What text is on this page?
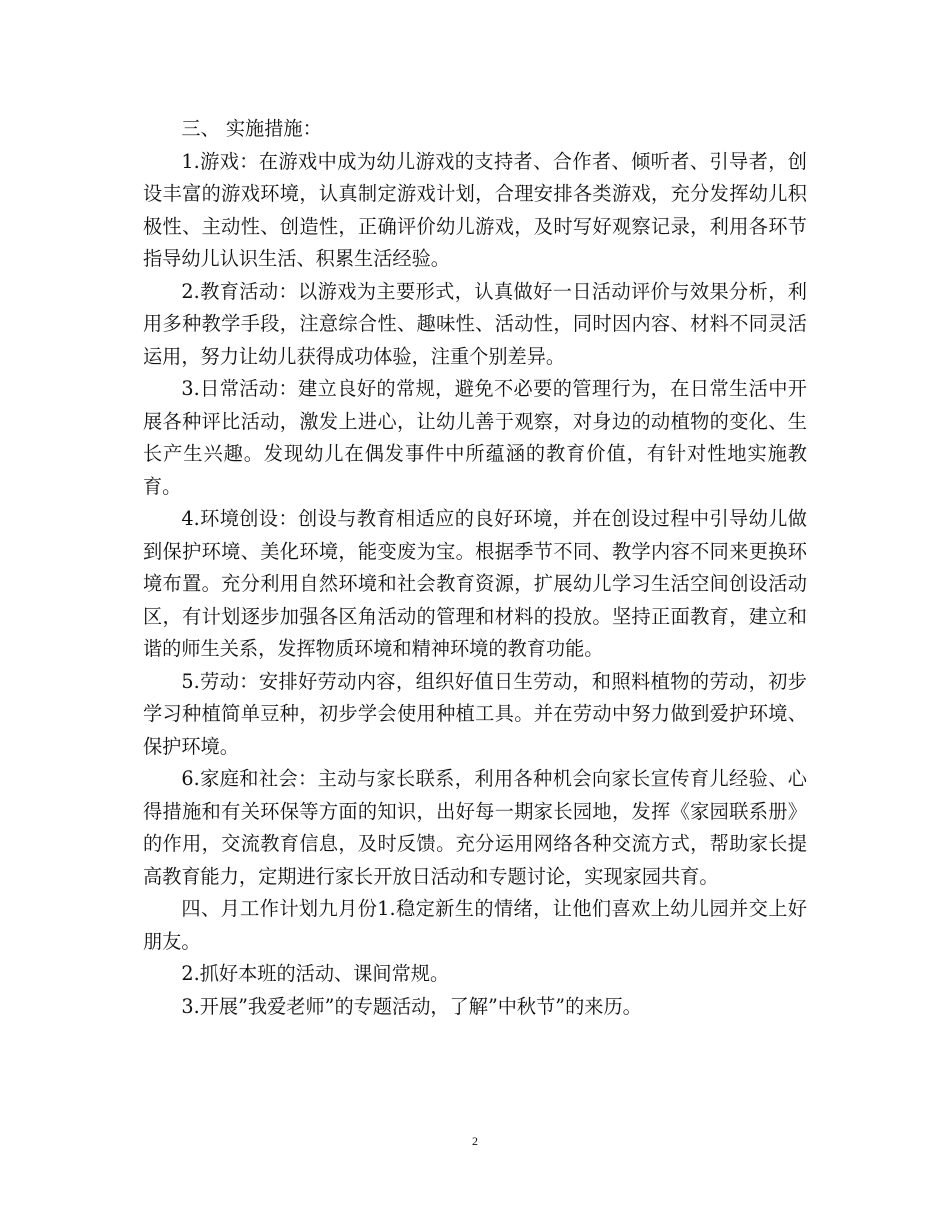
三、 实施措施：

1.游戏：在游戏中成为幼儿游戏的支持者、合作者、倾听者、引导者，创设丰富的游戏环境，认真制定游戏计划，合理安排各类游戏，充分发挥幼儿积极性、主动性、创造性，正确评价幼儿游戏，及时写好观察记录，利用各环节指导幼儿认识生活、积累生活经验。

2.教育活动：以游戏为主要形式，认真做好一日活动评价与效果分析，利用多种教学手段，注意综合性、趣味性、活动性，同时因内容、材料不同灵活运用，努力让幼儿获得成功体验，注重个别差异。

3.日常活动：建立良好的常规，避免不必要的管理行为，在日常生活中开展各种评比活动，激发上进心，让幼儿善于观察，对身边的动植物的变化、生长产生兴趣。发现幼儿在偶发事件中所蕴涵的教育价值，有针对性地实施教育。

4.环境创设：创设与教育相适应的良好环境，并在创设过程中引导幼儿做到保护环境、美化环境，能变废为宝。根据季节不同、教学内容不同来更换环境布置。充分利用自然环境和社会教育资源，扩展幼儿学习生活空间创设活动区，有计划逐步加强各区角活动的管理和材料的投放。坚持正面教育，建立和谐的师生关系，发挥物质环境和精神环境的教育功能。

5.劳动：安排好劳动内容，组织好值日生劳动，和照料植物的劳动，初步学习种植简单豆种，初步学会使用种植工具。并在劳动中努力做到爱护环境、保护环境。

6.家庭和社会：主动与家长联系，利用各种机会向家长宣传育儿经验、心得措施和有关环保等方面的知识，出好每一期家长园地，发挥《家园联系册》的作用，交流教育信息，及时反馈。充分运用网络各种交流方式，帮助家长提高教育能力，定期进行家长开放日活动和专题讨论，实现家园共育。

四、月工作计划九月份1.稳定新生的情绪，让他们喜欢上幼儿园并交上好朋友。

2.抓好本班的活动、课间常规。

3.开展”我爱老师”的专题活动，了解”中秋节”的来历。

2
